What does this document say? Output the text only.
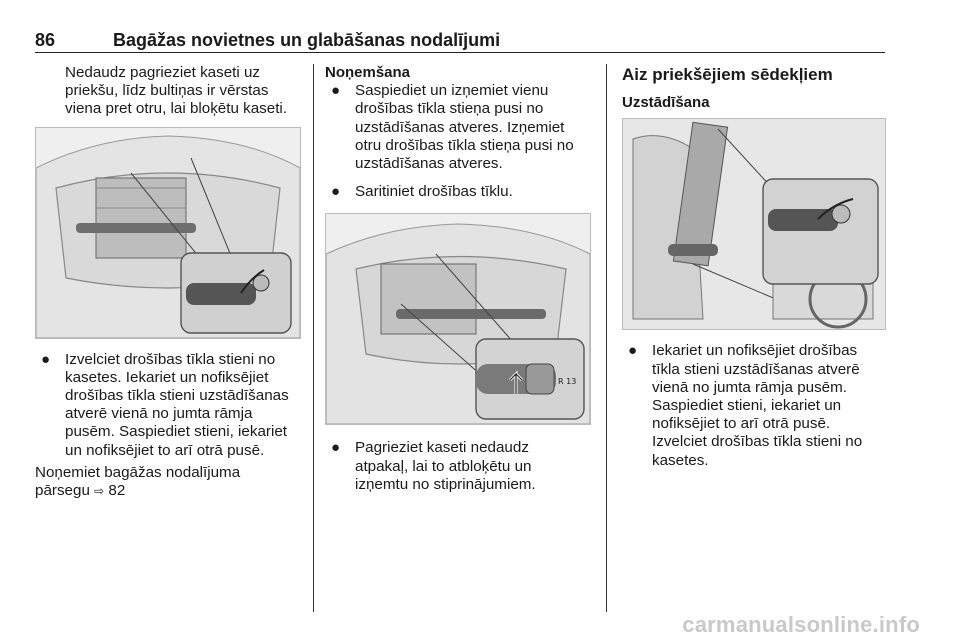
86	Bagāžas novietnes un glabāšanas nodalījumi
Nedaudz pagrieziet kaseti uz
priekšu, līdz bultiņas ir vērstas
viena pret otru, lai bloķētu kaseti.
● Izvelciet drošības tīkla stieni no
kasetes. Iekariet un nofiksējiet
drošības tīkla stieni uzstādīšanas
atverē vienā no jumta rāmja
pusēm. Saspiediet stieni, iekariet
un nofiksējiet to arī otrā pusē.
Noņemiet bagāžas nodalījuma
pārsegu ⇨ 82
Noņemšana
● Saspiediet un izņemiet vienu
drošības tīkla stieņa pusi no
uzstādīšanas atveres. Izņemiet
otru drošības tīkla stieņa pusi no
uzstādīšanas atveres.
● Saritiniet drošības tīklu.
R 13
● Pagrieziet kaseti nedaudz
atpakaļ, lai to atbloķētu un
izņemtu no stiprinājumiem.
Aiz priekšējiem sēdekļiem
Uzstādīšana
● Iekariet un nofiksējiet drošības
tīkla stieni uzstādīšanas atverē
vienā no jumta rāmja pusēm.
Saspiediet stieni, iekariet un
nofiksējiet to arī otrā pusē.
Izvelciet drošības tīkla stieni no
kasetes.
carmanualsonline.info
